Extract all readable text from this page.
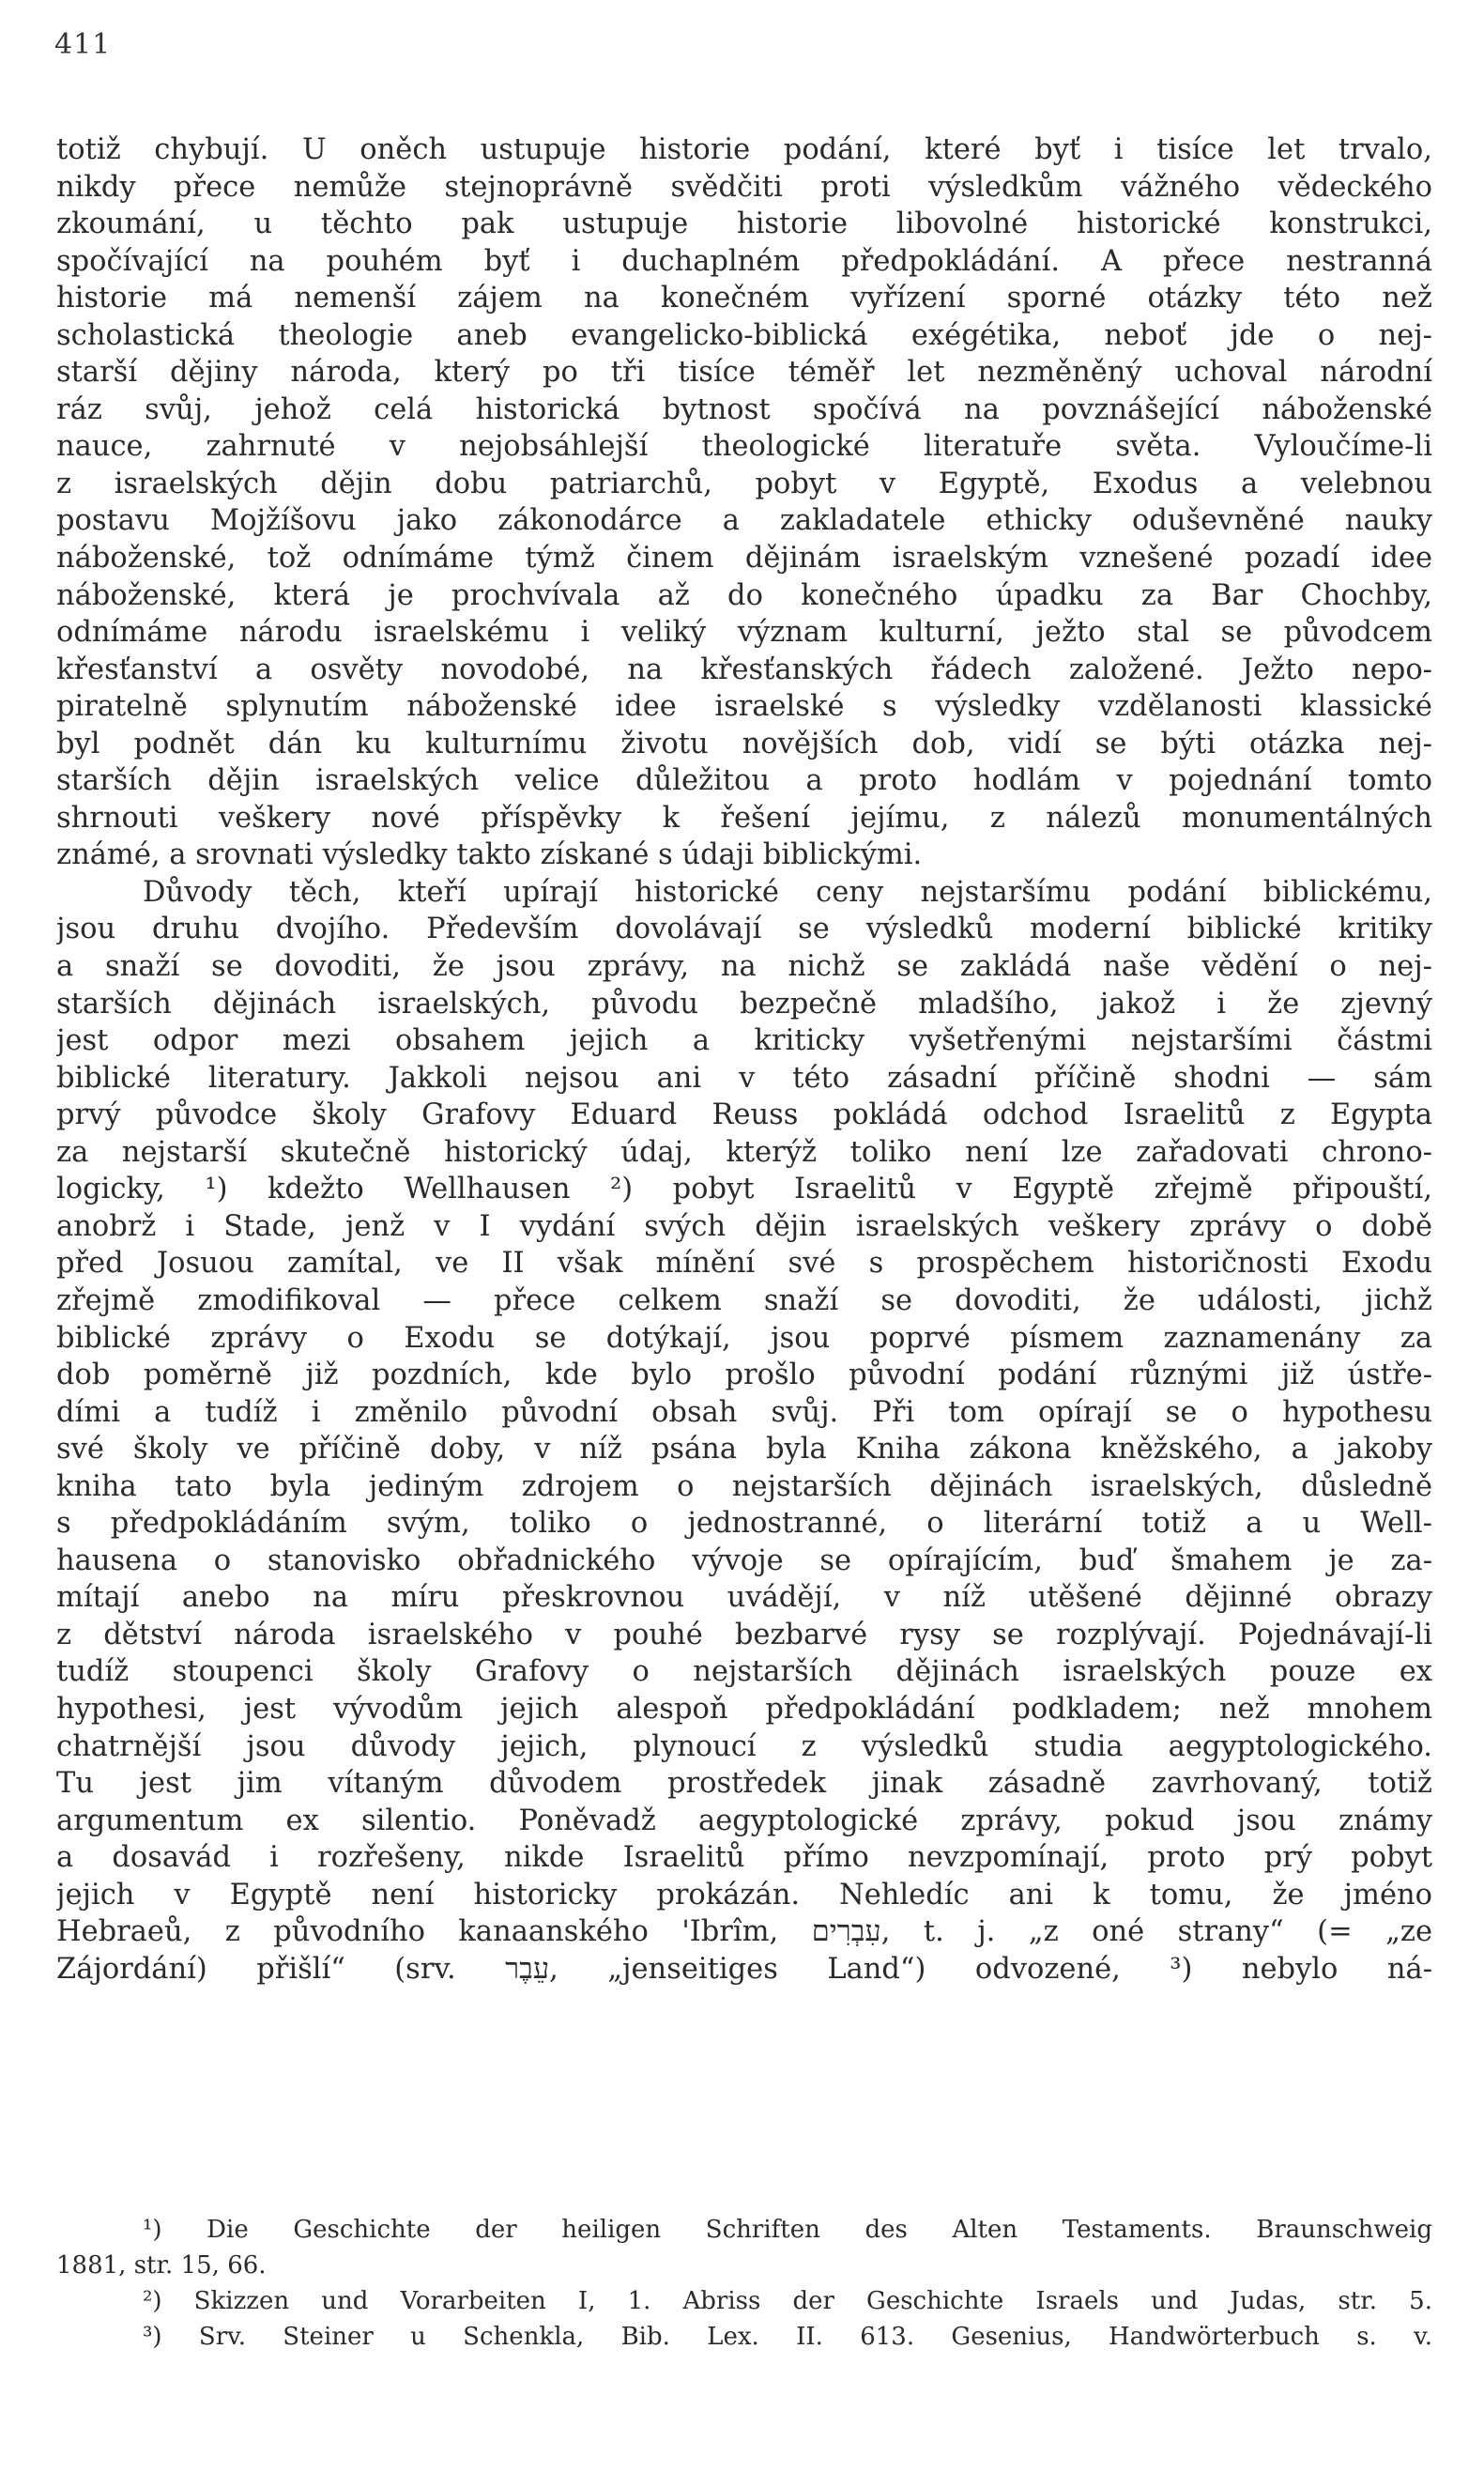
411
totiž chybují. U oněch ustupuje historie podání, které byť i tisíce let trvalo,
nikdy přece nemůže stejnoprávně svědčiti proti výsledkům vážného vědeckého
zkoumání, u těchto pak ustupuje historie libovolné historické konstrukci,
spočívající na pouhém byť i duchaplném předpokládání. A přece nestranná
historie má nemenší zájem na konečném vyřízení sporné otázky této než
scholastická theologie aneb evangelicko-biblická exégétika, neboť jde o nej-
starší dějiny národa, který po tři tisíce téměř let nezměněný uchoval národní
ráz svůj, jehož celá historická bytnost spočívá na povznášející náboženské
nauce, zahrnuté v nejobsáhlejší theologické literatuře světa. Vyloučíme-li
z israelských dějin dobu patriarchů, pobyt v Egyptě, Exodus a velebnou
postavu Mojžíšovu jako zákonodárce a zakladatele ethicky oduševněné nauky
náboženské, tož odnímáme týmž činem dějinám israelským vznešené pozadí idee
náboženské, která je prochvívala až do konečného úpadku za Bar Chochby,
odnímáme národu israelskému i veliký význam kulturní, ježto stal se původcem
křesťanství a osvěty novodobé, na křesťanských řádech založené. Ježto nepo-
piratelně splynutím náboženské idee israelské s výsledky vzdělanosti klassické
byl podnět dán ku kulturnímu životu novějších dob, vidí se býti otázka nej-
starších dějin israelských velice důležitou a proto hodlám v pojednání tomto
shrnouti veškery nové příspěvky k řešení jejímu, z nálezů monumentálných
známé, a srovnati výsledky takto získané s údaji biblickými.
Důvody těch, kteří upírají historické ceny nejstaršímu podání biblickému,
jsou druhu dvojího. Především dovolávají se výsledků moderní biblické kritiky
a snaží se dovoditi, že jsou zprávy, na nichž se zakládá naše vědění o nej-
starších dějinách israelských, původu bezpečně mladšího, jakož i že zjevný
jest odpor mezi obsahem jejich a kriticky vyšetřenými nejstaršími částmi
biblické literatury. Jakkoli nejsou ani v této zásadní příčině shodni — sám
prvý původce školy Grafovy Eduard Reuss pokládá odchod Israelitů z Egypta
za nejstarší skutečně historický údaj, kterýž toliko není lze zařadovati chrono-
logicky, ¹) kdežto Wellhausen ²) pobyt Israelitů v Egyptě zřejmě připouští,
anobrž i Stade, jenž v I vydání svých dějin israelských veškery zprávy o době
před Josuou zamítal, ve II však mínění své s prospěchem historičnosti Exodu
zřejmě zmodifikoval — přece celkem snaží se dovoditi, že události, jichž
biblické zprávy o Exodu se dotýkají, jsou poprvé písmem zaznamenány za
dob poměrně již pozdních, kde bylo prošlo původní podání různými již ústře-
dími a tudíž i změnilo původní obsah svůj. Při tom opírají se o hypothesu
své školy ve příčině doby, v níž psána byla Kniha zákona kněžského, a jakoby
kniha tato byla jediným zdrojem o nejstarších dějinách israelských, důsledně
s předpokládáním svým, toliko o jednostranné, o literární totiž a u Well-
hausena o stanovisko obřadnického vývoje se opírajícím, buď šmahem je za-
mítají anebo na míru přeskrovnou uvádějí, v níž utěšené dějinné obrazy
z dětství národa israelského v pouhé bezbarvé rysy se rozplývají. Pojednávají-li
tudíž stoupenci školy Grafovy o nejstarších dějinách israelských pouze ex
hypothesi, jest vývodům jejich alespoň předpokládání podkladem; než mnohem
chatrnější jsou důvody jejich, plynoucí z výsledků studia aegyptologického.
Tu jest jim vítaným důvodem prostředek jinak zásadně zavrhovaný, totiž
argumentum ex silentio. Poněvadž aegyptologické zprávy, pokud jsou známy
a dosavád i rozřešeny, nikde Israelitů přímo nevzpomínají, proto prý pobyt
jejich v Egyptě není historicky prokázán. Nehledíc ani k tomu, že jméno
Hebraeů, z původního kanaanského 'Ibrîm, עִבְרִים, t. j. „z oné strany“ (= „ze
Zájordání) přišlí“ (srv. עֵבֶר, „jenseitiges Land“) odvozené, ³) nebylo ná-
¹) Die Geschichte der heiligen Schriften des Alten Testaments. Braunschweig
1881, str. 15, 66.
²) Skizzen und Vorarbeiten I, 1. Abriss der Geschichte Israels und Judas, str. 5.
³) Srv. Steiner u Schenkla, Bib. Lex. II. 613. Gesenius, Handwörterbuch s. v.
